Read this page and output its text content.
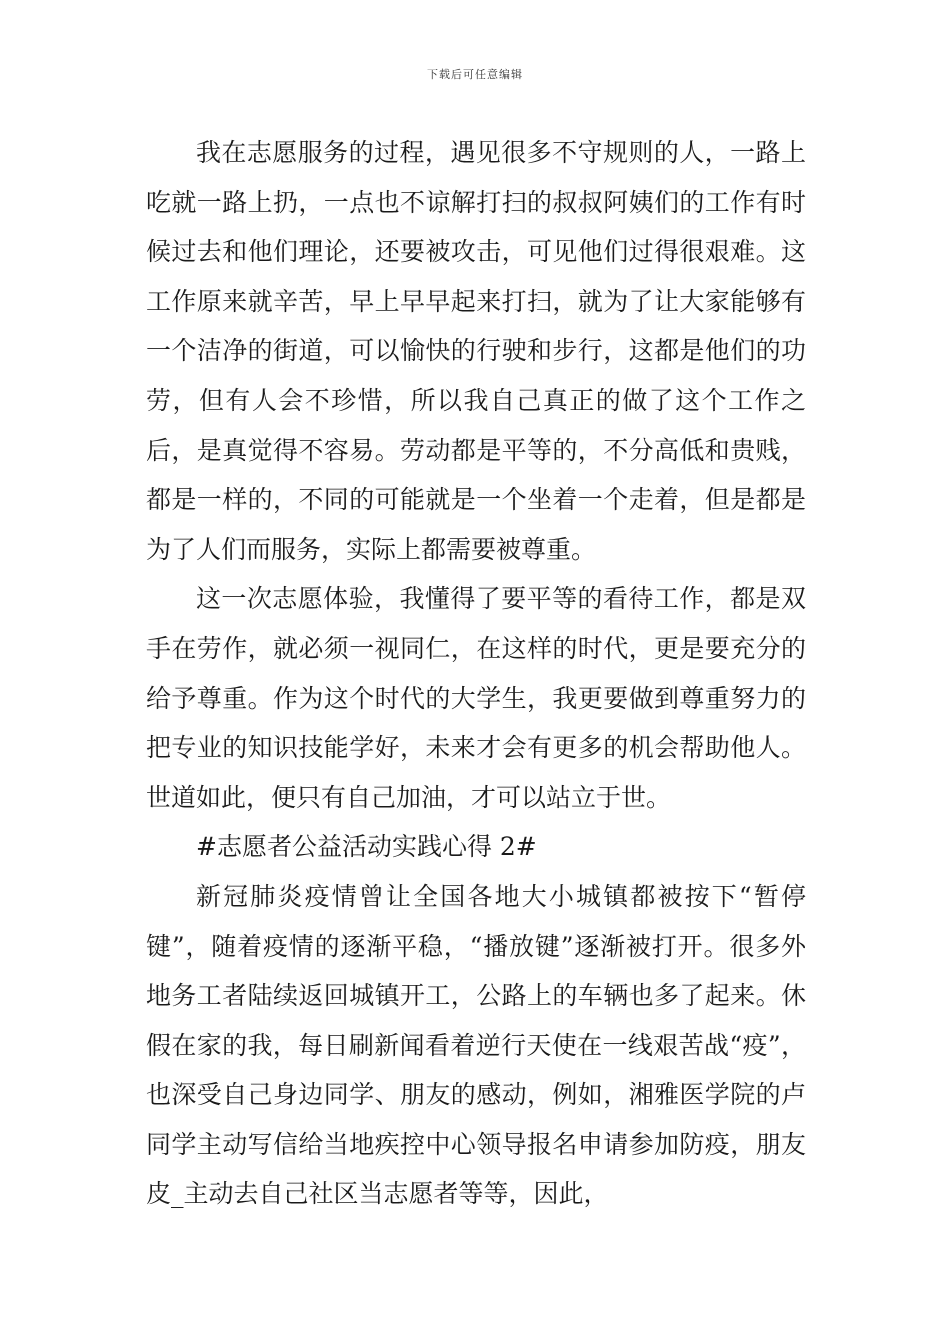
下载后可任意编辑

我在志愿服务的过程，遇见很多不守规则的人，一路上吃就一路上扔，一点也不谅解打扫的叔叔阿姨们的工作有时候过去和他们理论，还要被攻击，可见他们过得很艰难。这工作原来就辛苦，早上早早起来打扫，就为了让大家能够有一个洁净的街道，可以愉快的行驶和步行，这都是他们的功劳，但有人会不珍惜，所以我自己真正的做了这个工作之后，是真觉得不容易。劳动都是平等的，不分高低和贵贱，都是一样的，不同的可能就是一个坐着一个走着，但是都是为了人们而服务，实际上都需要被尊重。

这一次志愿体验，我懂得了要平等的看待工作，都是双手在劳作，就必须一视同仁，在这样的时代，更是要充分的给予尊重。作为这个时代的大学生，我更要做到尊重努力的把专业的知识技能学好，未来才会有更多的机会帮助他人。世道如此，便只有自己加油，才可以站立于世。

#志愿者公益活动实践心得 2#

新冠肺炎疫情曾让全国各地大小城镇都被按下“暂停键”，随着疫情的逐渐平稳，“播放键”逐渐被打开。很多外地务工者陆续返回城镇开工，公路上的车辆也多了起来。休假在家的我，每日刷新闻看着逆行天使在一线艰苦战“疫”，也深受自己身边同学、朋友的感动，例如，湘雅医学院的卢同学主动写信给当地疾控中心领导报名申请参加防疫，朋友皮_主动去自己社区当志愿者等等，因此，
